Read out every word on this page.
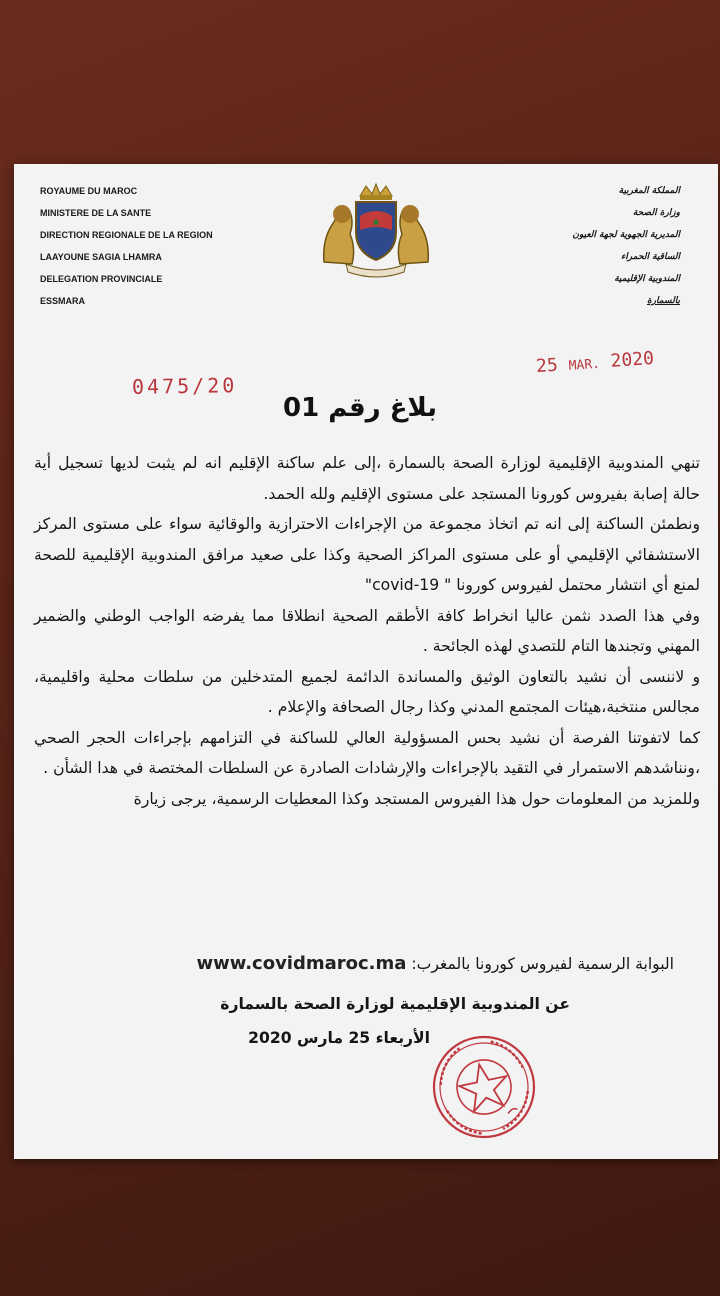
ROYAUME DU MAROC
MINISTERE DE LA SANTE
DIRECTION REGIONALE DE LA REGION
LAAYOUNE SAGIA LHAMRA
DELEGATION PROVINCIALE
ESSMARA
المملكة المغربية
وزارة الصحة
المديرية الجهوية لجهة العيون
الساقية الحمراء
المندوبية الإقليمية
بالسمارة
0475/20
25 MAR. 2020
بلاغ رقم 01

تنهي المندوبية الإقليمية لوزارة الصحة بالسمارة ،إلى علم ساكنة الإقليم انه لم يثبت لديها تسجيل أية حالة إصابة بفيروس كورونا المستجد على مستوى الإقليم ولله الحمد.

ونطمئن الساكنة إلى انه تم اتخاذ مجموعة من الإجراءات الاحترازية والوقائية سواء على مستوى المركز الاستشفائي الإقليمي أو على مستوى المراكز الصحية وكذا على صعيد مرافق المندوبية الإقليمية للصحة لمنع أي انتشار محتمل لفيروس كورونا " covid-19"

وفي هذا الصدد نثمن عاليا انخراط كافة الأطقم الصحية انطلاقا مما يفرضه الواجب الوطني والضمير المهني وتجندها التام للتصدي لهذه الجائحة .

و لاننسى أن نشيد بالتعاون الوثيق والمساندة الدائمة لجميع المتدخلين من سلطات محلية واقليمية، مجالس منتخبة،هيئات المجتمع المدني وكذا رجال الصحافة والإعلام .

كما لاتفوتنا الفرصة أن نشيد بحس المسؤولية العالي للساكنة في التزامهم بإجراءات الحجر الصحي ،ونناشدهم الاستمرار في التقيد بالإجراءات والإرشادات الصادرة عن السلطات المختصة في هدا الشأن .

وللمزيد من المعلومات حول هذا الفيروس المستجد وكذا المعطيات الرسمية، يرجى زيارة

البوابة الرسمية لفيروس كورونا بالمغرب: www.covidmaroc.ma
عن المندوبية الإقليمية لوزارة الصحة بالسمارة
الأربعاء 25 مارس 2020
